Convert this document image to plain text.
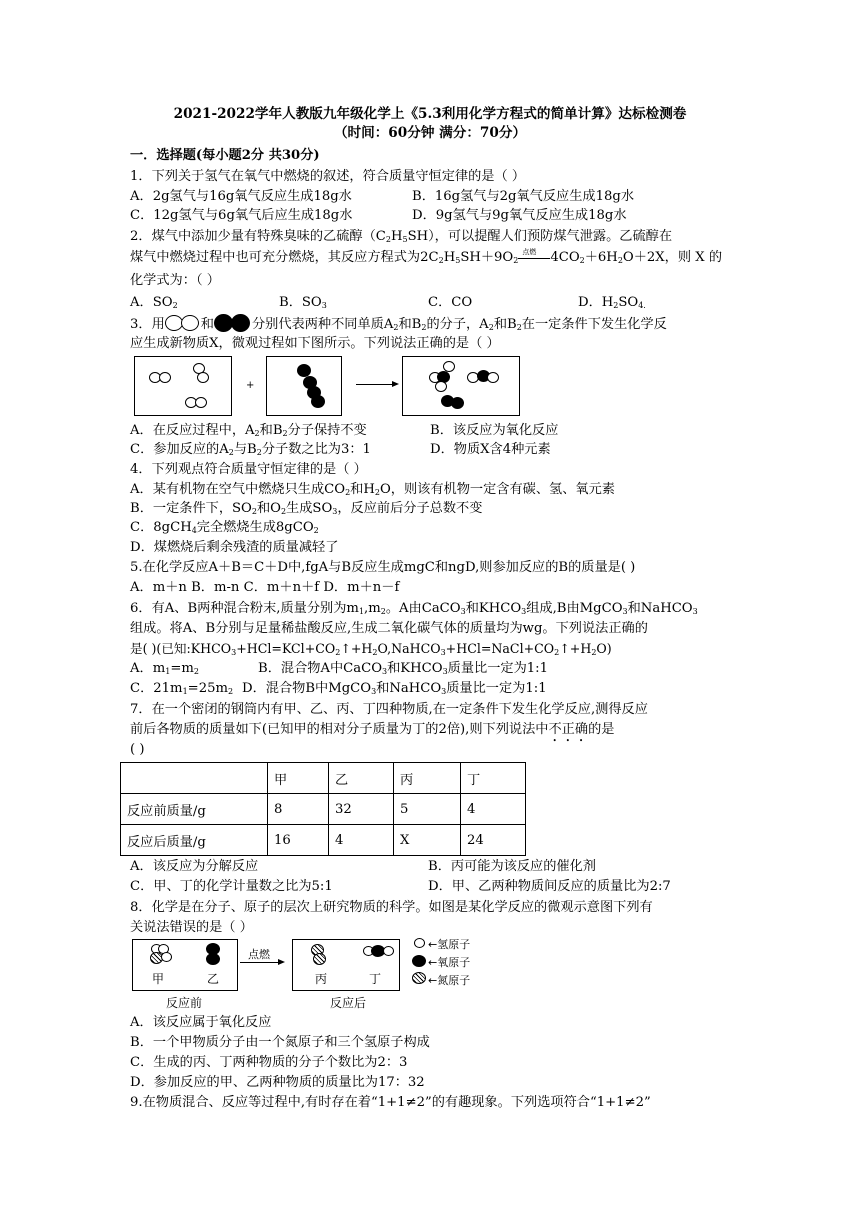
2021-2022学年人教版九年级化学上《5.3利用化学方程式的简单计算》达标检测卷
（时间：60分钟 满分：70分）
一．选择题(每小题2分 共30分)
1．下列关于氢气在氧气中燃烧的叙述，符合质量守恒定律的是（ ）
A．2g氢气与16g氧气反应生成18g水	B．16g氢气与2g氧气反应生成18g水
C．12g氢气与6g氧气后应生成18g水	D．9g氢气与9g氧气反应生成18g水
2．煤气中添加少量有特殊臭味的乙硫醇$(C_2H_5SH)$，可以提醒人们预防煤气泄露。乙硫醇在
煤气中燃烧过程中也可充分燃烧，其反应方程式为$2C_2H_5SH+9O_2$
点燃 $4CO_2+6H_2O+2X$，则 X 的
化学式为：（ ）
A．$SO_2$	B．$SO_3$	C．CO	D．$H_2SO_{4.}$
3．用	和	分别代表两种不同单质$A_2$和$B_2$的分子，$A_2$和$B_2$在一定条件下发生化学反
应生成新物质X，微观过程如下图所示。下列说法正确的是（ ）
+
A．在反应过程中，$A_2$和$B_2$分子保持不变	B．该反应为氧化反应
C．参加反应的$A_2$与$B_2$分子数之比为3：1	D．物质X含4种元素
4．下列观点符合质量守恒定律的是（ ）
A．某有机物在空气中燃烧只生成$CO_2$和$H_2O$，则该有机物一定含有碳、氢、氧元素
B．一定条件下，$SO_2$和$O_2$生成$SO_3$，反应前后分子总数不变
C．8gCH$_4$完全燃烧生成8gCO$_2$
D．煤燃烧后剩余残渣的质量减轻了
5.在化学反应A＋B＝C＋D中,fgA与B反应生成mgC和ngD,则参加反应的B的质量是( )
A．m＋n B．m-n C．m＋n＋f D．m＋n－f
6．有A、B两种混合粉末,质量分别为$m_1,m_2$。A由CaCO$_3$和$KHCO_3$组成,B由MgCO$_3$和NaHCO$_3$
组成。将A、B分别与足量稀盐酸反应,生成二氧化碳气体的质量均为wg。下列说法正确的
是( )(已知$:KHCO_3+HCl=KCl+CO_2↑+H_2O,NaHCO_3+HCl=NaCl+CO_2↑+H_2O$)
A．$m_1=m_2$	B．混合物A中CaCO$_3$和$KHCO_3$质量比一定为1:1
C．$21m_1=25m_2$ D．混合物B中MgCO$_3$和NaHCO$_3$质量比一定为1:1
7．在一个密闭的钢筒内有甲、乙、丙、丁四种物质,在一定条件下发生化学反应,测得反应
前后各物质的质量如下(已知甲的相对分子质量为丁的2倍),则下列说法中不正确的是
( )
	甲	乙	丙	丁
反应前质量/g	8	32	5	4
反应后质量/g	16	4	X	24
A．该反应为分解反应	B．丙可能为该反应的催化剂
C．甲、丁的化学计量数之比为5:1	D．甲、乙两种物质间反应的质量比为2:7
8．化学是在分子、原子的层次上研究物质的科学。如图是某化学反应的微观示意图下列有
关说法错误的是（ ）
甲	乙
点燃
丙	丁
反应前	反应后
←氢原子
←氧原子
←氮原子
A．该反应属于氧化反应
B．一个甲物质分子由一个氮原子和三个氢原子构成
C．生成的丙、丁两种物质的分子个数比为2：3
D．参加反应的甲、乙两种物质的质量比为17：32
9.在物质混合、反应等过程中,有时存在着“1+1≠2”的有趣现象。下列选项符合“1+1≠2”
